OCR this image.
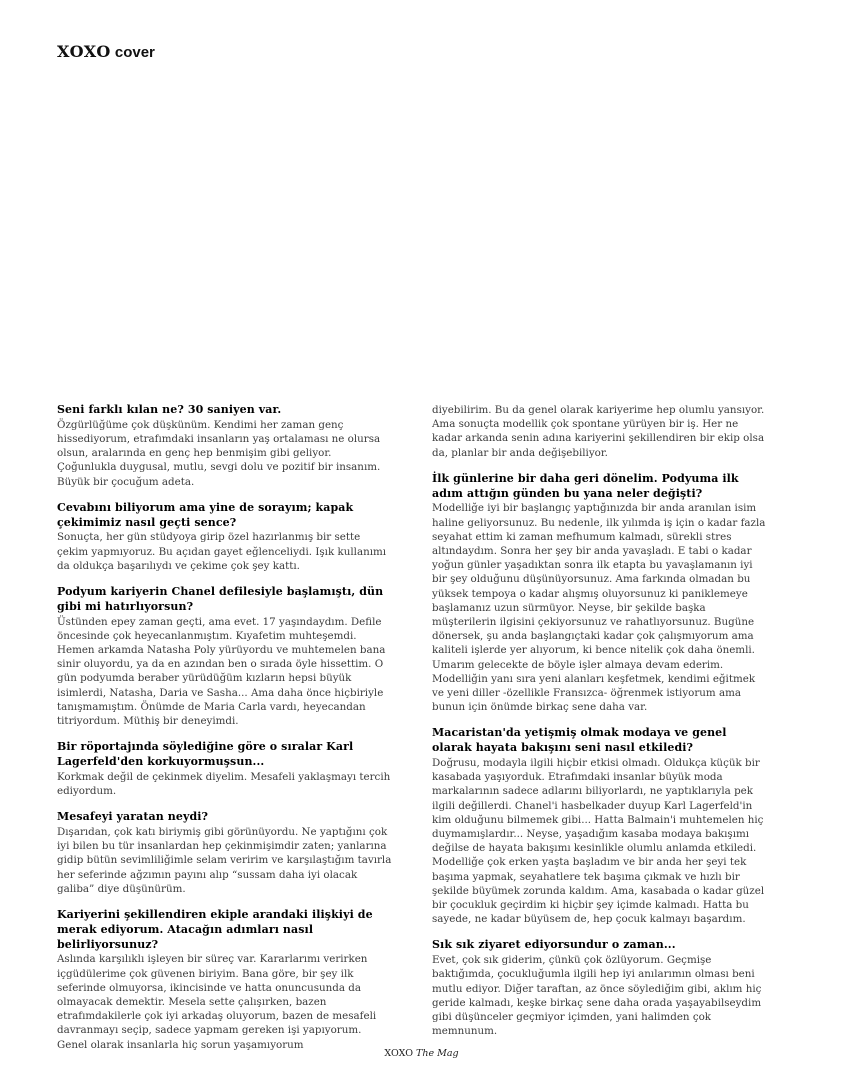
XOXO cover
Seni farklı kılan ne? 30 saniyen var.
Özgürlüğüme çok düşkünüm. Kendimi her zaman genç hissediyorum, etrafımdaki insanların yaş ortalaması ne olursa olsun, aralarında en genç hep benmişim gibi geliyor. Çoğunlukla duygusal, mutlu, sevgi dolu ve pozitif bir insanım. Büyük bir çocuğum adeta.
Cevabını biliyorum ama yine de sorayım; kapak çekimimiz nasıl geçti sence?
Sonuçta, her gün stüdyoya girip özel hazırlanmış bir sette çekim yapmıyoruz. Bu açıdan gayet eğlenceliydi. Işık kullanımı da oldukça başarılıydı ve çekime çok şey kattı.
Podyum kariyerin Chanel defilesiyle başlamıştı, dün gibi mi hatırlıyorsun?
Üstünden epey zaman geçti, ama evet. 17 yaşındaydım. Defile öncesinde çok heyecanlanmıştım. Kıyafetim muhteşemdi. Hemen arkamda Natasha Poly yürüyordu ve muhtemelen bana sinir oluyordu, ya da en azından ben o sırada öyle hissettim. O gün podyumda beraber yürüdüğüm kızların hepsi büyük isimlerdi, Natasha, Daria ve Sasha... Ama daha önce hiçbiriyle tanışmamıştım. Önümde de Maria Carla vardı, heyecandan titriyordum. Müthiş bir deneyimdi.
Bir röportajında söylediğine göre o sıralar Karl Lagerfeld'den korkuyormuşsun...
Korkmak değil de çekinmek diyelim. Mesafeli yaklaşmayı tercih ediyordum.
Mesafeyi yaratan neydi?
Dışarıdan, çok katı biriymiş gibi görünüyordu. Ne yaptığını çok iyi bilen bu tür insanlardan hep çekinmişimdir zaten; yanlarına gidip bütün sevimliliğimle selam veririm ve karşılaştığım tavırla her seferinde ağzımın payını alıp “sussam daha iyi olacak galiba” diye düşünürüm.
Kariyerini şekillendiren ekiple arandaki ilişkiyi de merak ediyorum. Atacağın adımları nasıl belirliyorsunuz?
Aslında karşılıklı işleyen bir süreç var. Kararlarımı verirken içgüdülerime çok güvenen biriyim. Bana göre, bir şey ilk seferinde olmuyorsa, ikincisinde ve hatta onuncusunda da olmayacak demektir. Mesela sette çalışırken, bazen etrafımdakilerle çok iyi arkadaş oluyorum, bazen de mesafeli davranmayı seçip, sadece yapmam gereken işi yapıyorum. Genel olarak insanlarla hiç sorun yaşamıyorum
diyebilirim. Bu da genel olarak kariyerime hep olumlu yansıyor. Ama sonuçta modellik çok spontane yürüyen bir iş. Her ne kadar arkanda senin adına kariyerini şekillendiren bir ekip olsa da, planlar bir anda değişebiliyor.
İlk günlerine bir daha geri dönelim. Podyuma ilk adım attığın günden bu yana neler değişti?
Modelliğe iyi bir başlangıç yaptığınızda bir anda aranılan isim haline geliyorsunuz. Bu nedenle, ilk yılımda iş için o kadar fazla seyahat ettim ki zaman mefhumum kalmadı, sürekli stres altındaydım. Sonra her şey bir anda yavaşladı. E tabi o kadar yoğun günler yaşadıktan sonra ilk etapta bu yavaşlamanın iyi bir şey olduğunu düşünüyorsunuz. Ama farkında olmadan bu yüksek tempoya o kadar alışmış oluyorsunuz ki paniklemeye başlamanız uzun sürmüyor. Neyse, bir şekilde başka müşterilerin ilgisini çekiyorsunuz ve rahatlıyorsunuz. Bugüne dönersek, şu anda başlangıçtaki kadar çok çalışmıyorum ama kaliteli işlerde yer alıyorum, ki bence nitelik çok daha önemli. Umarım gelecekte de böyle işler almaya devam ederim. Modelliğin yanı sıra yeni alanları keşfetmek, kendimi eğitmek ve yeni diller -özellikle Fransızca- öğrenmek istiyorum ama bunun için önümde birkaç sene daha var.
Macaristan'da yetişmiş olmak modaya ve genel olarak hayata bakışını seni nasıl etkiledi?
Doğrusu, modayla ilgili hiçbir etkisi olmadı. Oldukça küçük bir kasabada yaşıyorduk. Etrafımdaki insanlar büyük moda markalarının sadece adlarını biliyorlardı, ne yaptıklarıyla pek ilgili değillerdi. Chanel'i hasbelkader duyup Karl Lagerfeld'in kim olduğunu bilmemek gibi... Hatta Balmain'i muhtemelen hiç duymamışlardır... Neyse, yaşadığım kasaba modaya bakışımı değilse de hayata bakışımı kesinlikle olumlu anlamda etkiledi. Modelliğe çok erken yaşta başladım ve bir anda her şeyi tek başıma yapmak, seyahatlere tek başıma çıkmak ve hızlı bir şekilde büyümek zorunda kaldım. Ama, kasabada o kadar güzel bir çocukluk geçirdim ki hiçbir şey içimde kalmadı. Hatta bu sayede, ne kadar büyüsem de, hep çocuk kalmayı başardım.
Sık sık ziyaret ediyorsundur o zaman...
Evet, çok sık giderim, çünkü çok özlüyorum. Geçmişe baktığımda, çocukluğumla ilgili hep iyi anılarımın olması beni mutlu ediyor. Diğer taraftan, az önce söylediğim gibi, aklım hiç geride kalmadı, keşke birkaç sene daha orada yaşayabilseydim gibi düşünceler geçmiyor içimden, yani halimden çok memnunum.
XOXO The Mag
